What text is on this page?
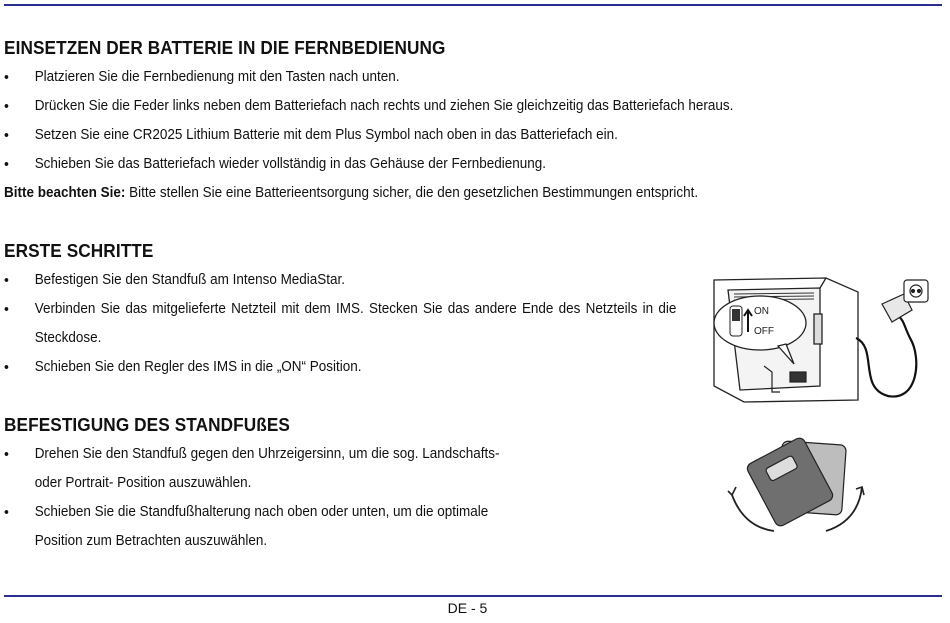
EINSETZEN DER BATTERIE IN DIE FERNBEDIENUNG
• Platzieren Sie die Fernbedienung mit den Tasten nach unten.
• Drücken Sie die Feder links neben dem Batteriefach nach rechts und ziehen Sie gleichzeitig das Batteriefach heraus.
• Setzen Sie eine CR2025 Lithium Batterie mit dem Plus Symbol nach oben in das Batteriefach ein.
• Schieben Sie das Batteriefach wieder vollständig in das Gehäuse der Fernbedienung.
Bitte beachten Sie: Bitte stellen Sie eine Batterieentsorgung sicher, die den gesetzlichen Bestimmungen entspricht.
ERSTE SCHRITTE
• Befestigen Sie den Standfuß am Intenso MediaStar.
• Verbinden Sie das mitgelieferte Netzteil mit dem IMS. Stecken Sie das andere Ende des Netzteils in die Steckdose.
• Schieben Sie den Regler des IMS in die „ON“ Position.
BEFESTIGUNG DES STANDFUßES
• Drehen Sie den Standfuß gegen den Uhrzeigersinn, um die sog. Landschafts-
oder Portrait- Position auszuwählen.
• Schieben Sie die Standfußhalterung nach oben oder unten, um die optimale
Position zum Betrachten auszuwählen.
ON
OFF
DE - 5
